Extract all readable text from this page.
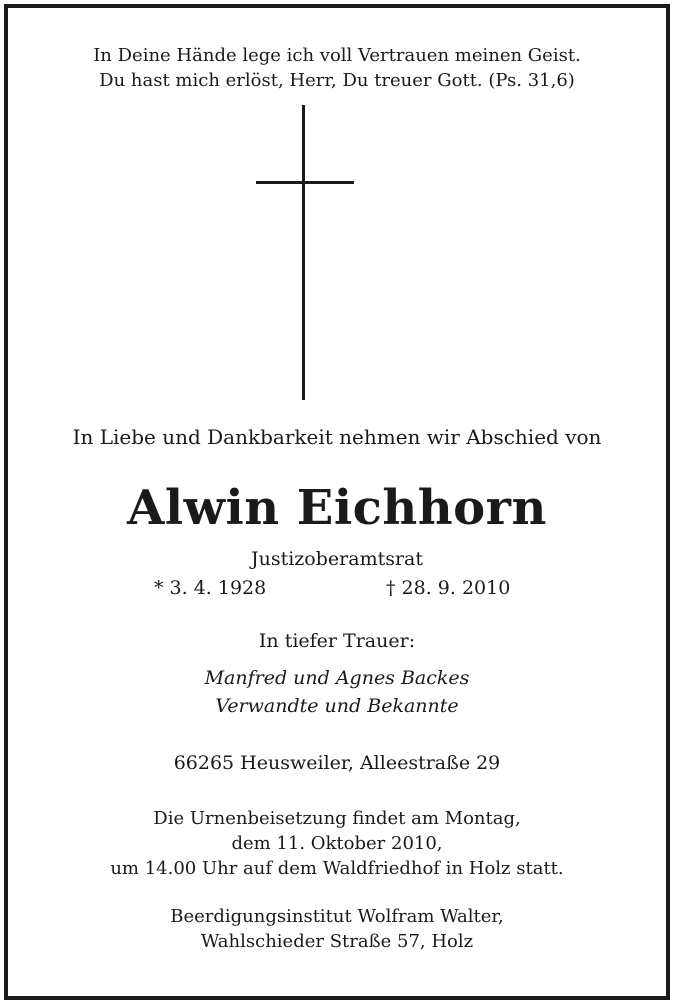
In Deine Hände lege ich voll Vertrauen meinen Geist.
Du hast mich erlöst, Herr, Du treuer Gott. (Ps. 31,6)
In Liebe und Dankbarkeit nehmen wir Abschied von
Alwin Eichhorn
Justizoberamtsrat
* 3. 4. 1928	† 28. 9. 2010
In tiefer Trauer:
Manfred und Agnes Backes
Verwandte und Bekannte
66265 Heusweiler, Alleestraße 29
Die Urnenbeisetzung findet am Montag,
dem 11. Oktober 2010,
um 14.00 Uhr auf dem Waldfriedhof in Holz statt.
Beerdigungsinstitut Wolfram Walter,
Wahlschieder Straße 57, Holz
